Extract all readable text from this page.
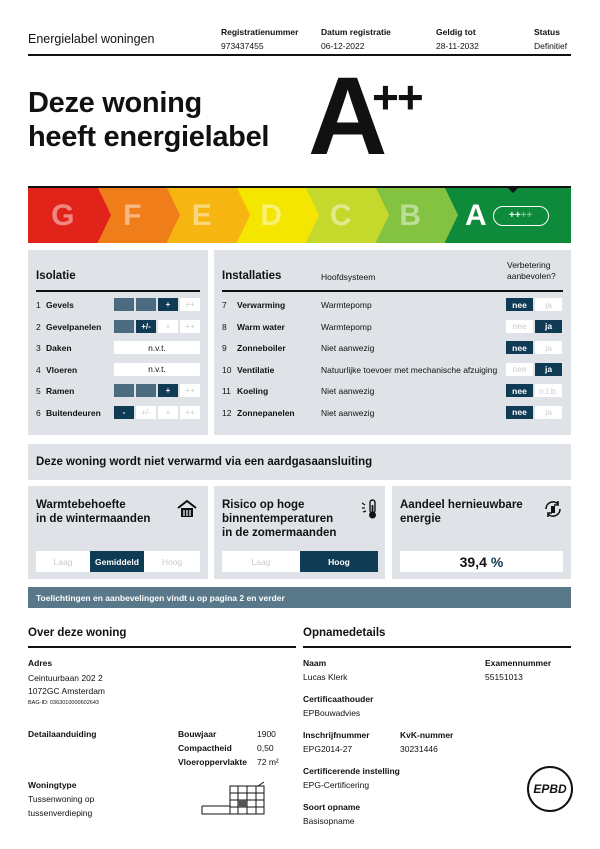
Energielabel woningen	Registratienummer
973437455
Datum registratie
06-12-2022
Geldig tot
28-11-2032
Status
Definitief
Deze woning
heeft energielabel A
++
A ++ ++
B
C
D
E
F
G
Isolatie
1 Gevels	+	++
2 Gevelpanelen	+/-	+	++
3 Daken	n.v.t.
4 Vloeren	n.v.t.
5 Ramen	+	++
6 Buitendeuren	-	+/-	+	++
Installaties	Hoofdsysteem
Verbetering
aanbevolen?
7	Verwarming	Warmtepomp	nee	ja
8	Warm water	Warmtepomp	nee	ja
9	Zonneboiler	Niet aanwezig	nee	ja
10 Ventilatie	Natuurlijke toevoer met mechanische afzuiging	nee	ja
11 Koeling	Niet aanwezig	nee	n.t.b.
12 Zonnepanelen	Niet aanwezig	nee	ja
Deze woning wordt niet verwarmd via een aardgasaansluiting
Warmtebehoefte
in de wintermaanden
Risico op hoge
binnentemperaturen
in de zomermaanden
Aandeel hernieuwbare
energie
Laag	Gemiddeld	Hoog	Laag	Hoog	39,4 %
Toelichtingen en aanbevelingen vindt u op pagina 2 en verder
Over deze woning
Adres
Ceintuurbaan 202 2
1072GC Amsterdam
BAG-ID: 0363010000602643
Detailaanduiding	Bouwjaar	1900
Compactheid	0,50
Vloeroppervlakte 72 m²
Woningtype
Tussenwoning op
tussenverdieping
Opnamedetails
Naam
Lucas Klerk
Examennummer
55151013
Certificaathouder
EPBouwadvies
Inschrijfnummer
EPG2014-27
KvK-nummer
30231446
Certificerende instelling
EPG-Certificering
Soort opname
Basisopname
EPBD
